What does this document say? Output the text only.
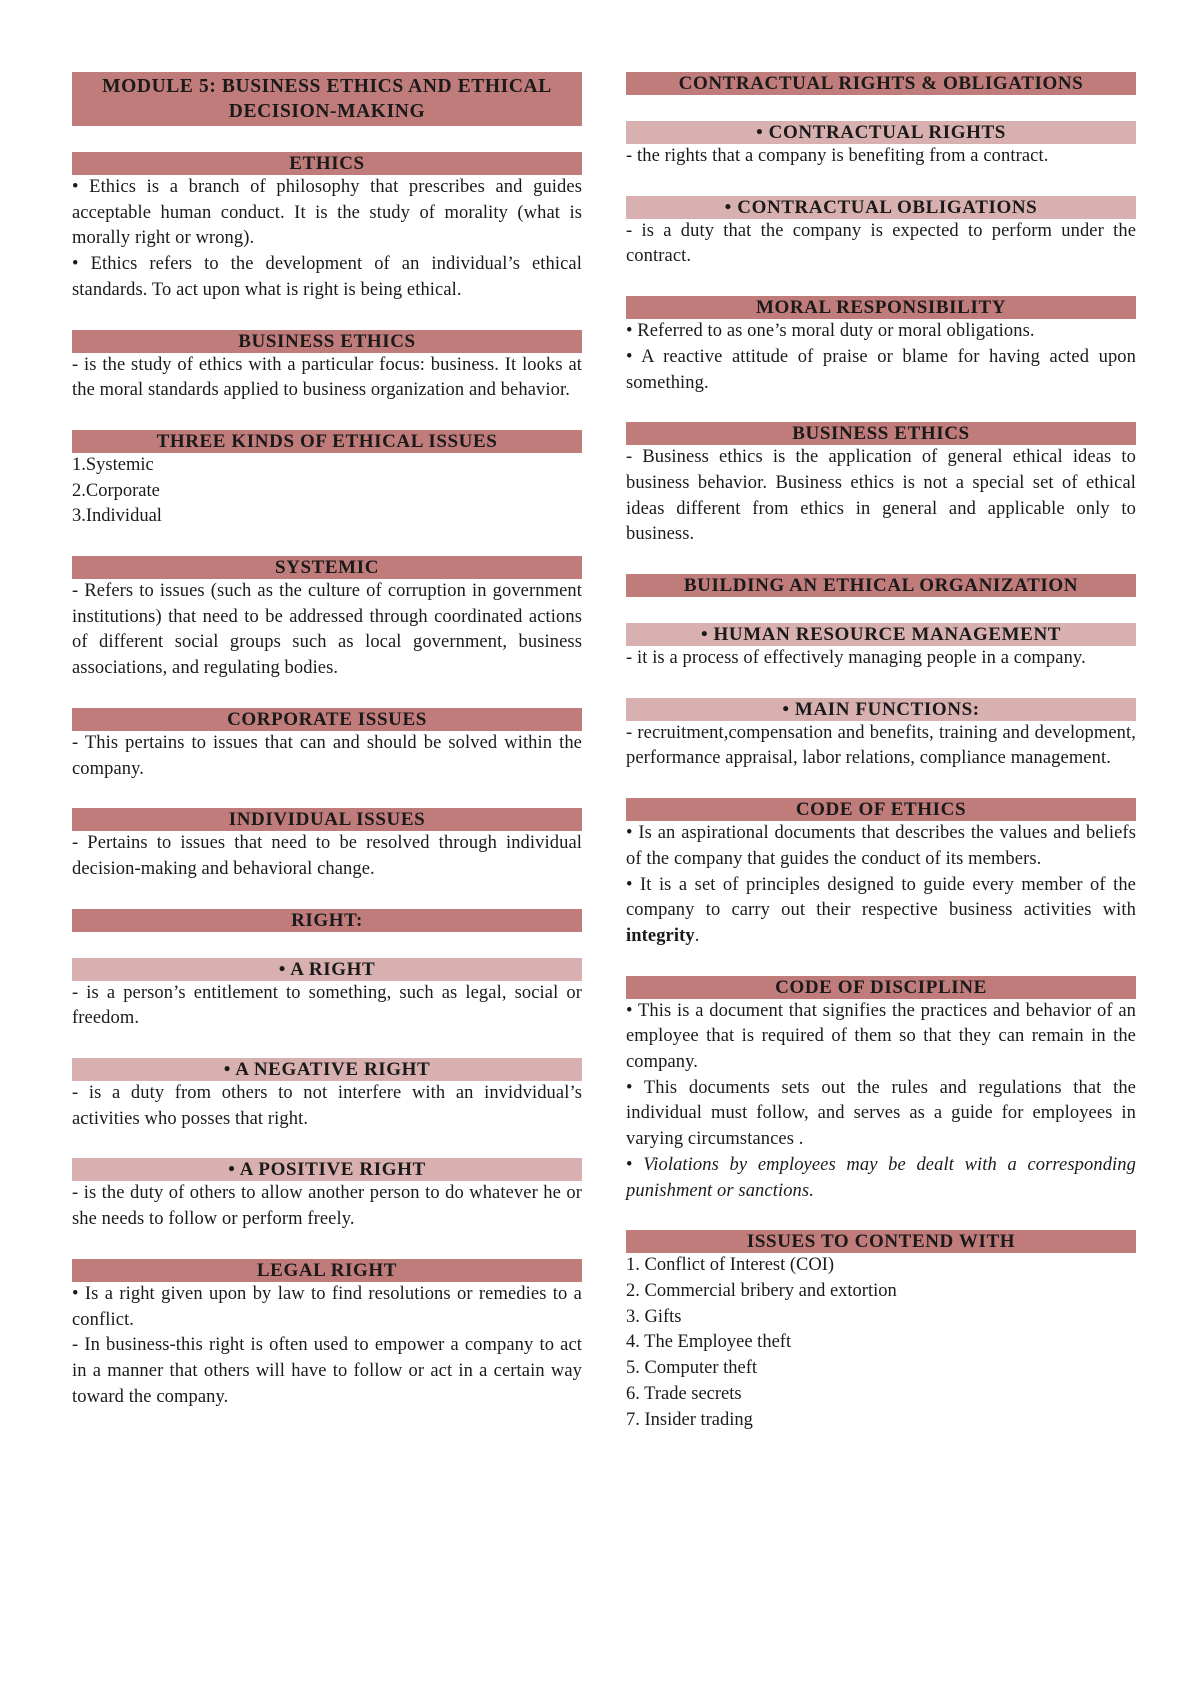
MODULE 5: BUSINESS ETHICS AND ETHICAL DECISION-MAKING
ETHICS

• Ethics is a branch of philosophy that prescribes and guides acceptable human conduct. It is the study of morality (what is morally right or wrong).

• Ethics refers to the development of an individual’s ethical standards. To act upon what is right is being ethical.

BUSINESS ETHICS

- is the study of ethics with a particular focus: business. It looks at the moral standards applied to business organization and behavior.

THREE KINDS OF ETHICAL ISSUES
1.Systemic
2.Corporate
3.Individual
SYSTEMIC

- Refers to issues (such as the culture of corruption in government institutions) that need to be addressed through coordinated actions of different social groups such as local government, business associations, and regulating bodies.

CORPORATE ISSUES

- This pertains to issues that can and should be solved within the company.

INDIVIDUAL ISSUES

- Pertains to issues that need to be resolved through individual decision-making and behavioral change.

RIGHT:
• A RIGHT

- is a person’s entitlement to something, such as legal, social or freedom.

• A NEGATIVE RIGHT

- is a duty from others to not interfere with an invidvidual’s activities who posses that right.

• A POSITIVE RIGHT

- is the duty of others to allow another person to do whatever he or she needs to follow or perform freely.

LEGAL RIGHT

• Is a right given upon by law to find resolutions or remedies to a conflict.

- In business-this right is often used to empower a company to act in a manner that others will have to follow or act in a certain way toward the company.

CONTRACTUAL RIGHTS & OBLIGATIONS
• CONTRACTUAL RIGHTS

- the rights that a company is benefiting from a contract.

• CONTRACTUAL OBLIGATIONS

- is a duty that the company is expected to perform under the contract.

MORAL RESPONSIBILITY

• Referred to as one’s moral duty or moral obligations.

• A reactive attitude of praise or blame for having acted upon something.

BUSINESS ETHICS

- Business ethics is the application of general ethical ideas to business behavior. Business ethics is not a special set of ethical ideas different from ethics in general and applicable only to business.

BUILDING AN ETHICAL ORGANIZATION
• HUMAN RESOURCE MANAGEMENT

- it is a process of effectively managing people in a company.

• MAIN FUNCTIONS:

- recruitment,compensation and benefits, training and development, performance appraisal, labor relations, compliance management.

CODE OF ETHICS

• Is an aspirational documents that describes the values and beliefs of the company that guides the conduct of its members.

• It is a set of principles designed to guide every member of the company to carry out their respective business activities with integrity.

CODE OF DISCIPLINE

• This is a document that signifies the practices and behavior of an employee that is required of them so that they can remain in the company.

• This documents sets out the rules and regulations that the individual must follow, and serves as a guide for employees in varying circumstances .

• Violations by employees may be dealt with a corresponding punishment or sanctions.

ISSUES TO CONTEND WITH
1. Conflict of Interest (COI)
2. Commercial bribery and extortion
3. Gifts
4. The Employee theft
5. Computer theft
6. Trade secrets
7. Insider trading
